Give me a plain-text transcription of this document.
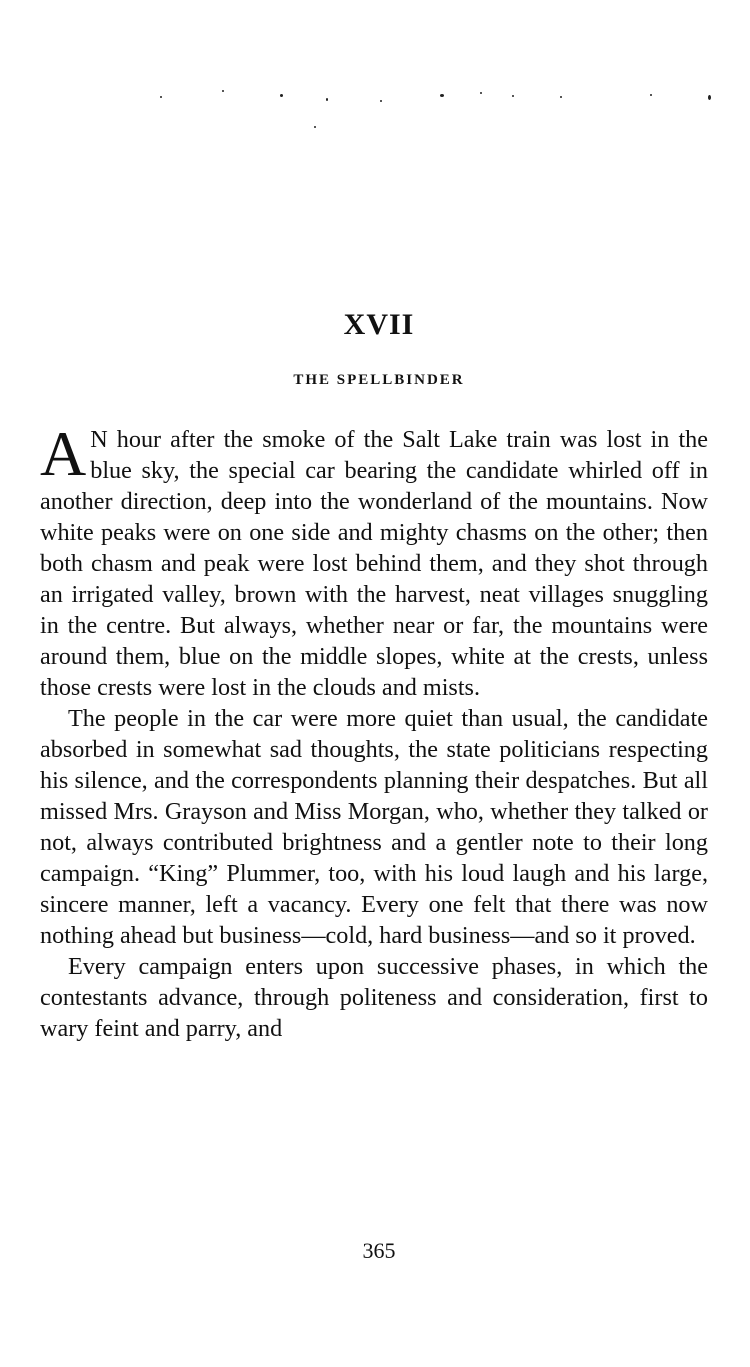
XVII
THE SPELLBINDER

A N hour after the smoke of the Salt Lake train was lost in the blue sky, the special car bearing the candidate whirled off in another direction, deep into the wonderland of the mountains. Now white peaks were on one side and mighty chasms on the other; then both chasm and peak were lost behind them, and they shot through an irrigated valley, brown with the harvest, neat villages snuggling in the centre. But always, whether near or far, the mountains were around them, blue on the middle slopes, white at the crests, unless those crests were lost in the clouds and mists.

The people in the car were more quiet than usual, the candidate absorbed in somewhat sad thoughts, the state politicians respecting his silence, and the correspondents planning their despatches. But all missed Mrs. Grayson and Miss Morgan, who, whether they talked or not, always contributed brightness and a gentler note to their long campaign. “King” Plummer, too, with his loud laugh and his large, sincere manner, left a vacancy. Every one felt that there was now nothing ahead but business—cold, hard business—and so it proved.

Every campaign enters upon successive phases, in which the contestants advance, through politeness and consideration, first to wary feint and parry, and

365
